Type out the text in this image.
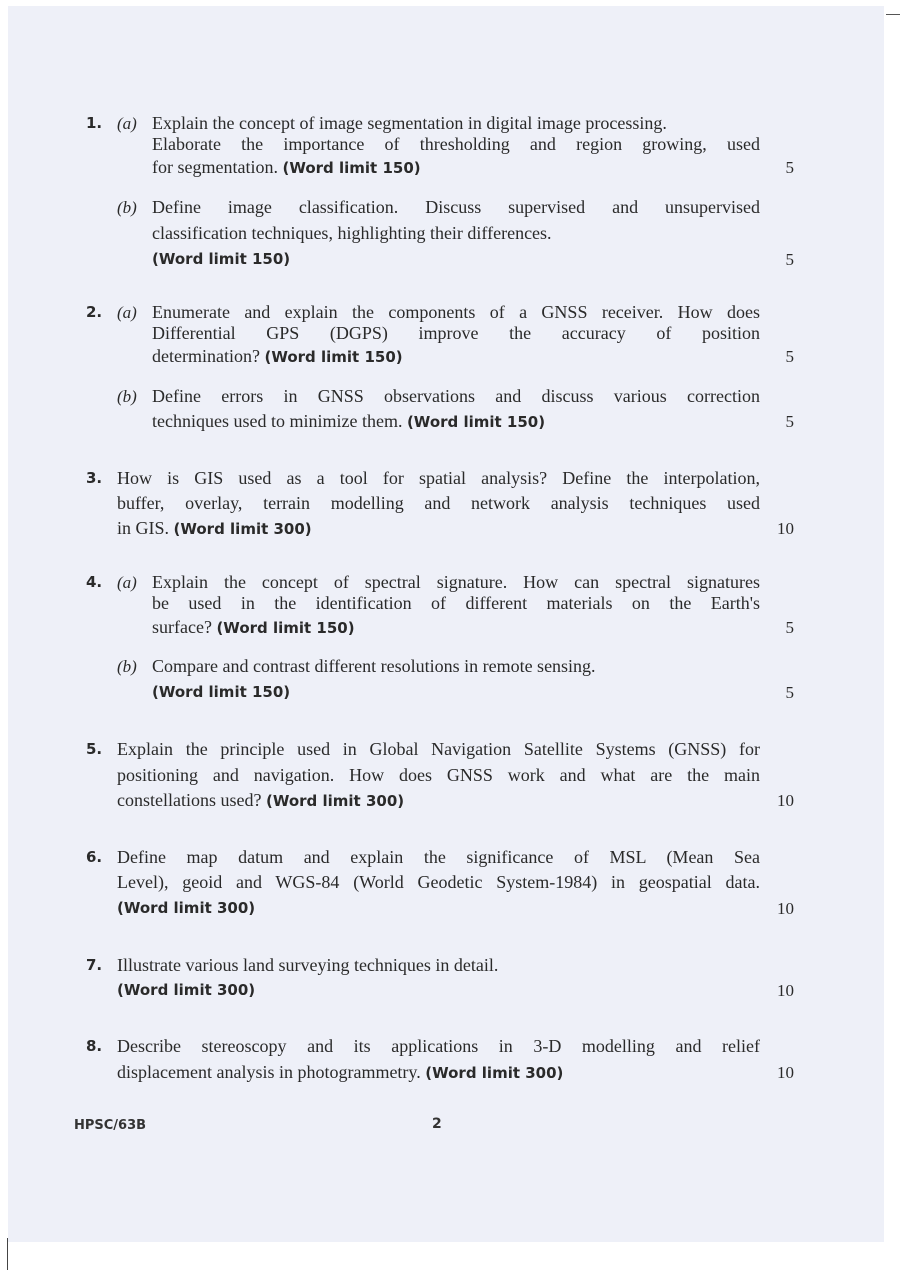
1. (a) Explain the concept of image segmentation in digital image processing.
Elaborate the importance of thresholding and region growing, used
for segmentation. (Word limit 150)	5
(b) Define image classification. Discuss supervised and unsupervised
classification techniques, highlighting their differences.
(Word limit 150)	5
2. (a) Enumerate and explain the components of a GNSS receiver. How does
Differential GPS (DGPS) improve the accuracy of position
determination? (Word limit 150)	5
(b) Define errors in GNSS observations and discuss various correction
techniques used to minimize them. (Word limit 150)	5
3. How is GIS used as a tool for spatial analysis? Define the interpolation,
buffer, overlay, terrain modelling and network analysis techniques used
in GIS. (Word limit 300)	10
4. (a) Explain the concept of spectral signature. How can spectral signatures
be used in the identification of different materials on the Earth's
surface? (Word limit 150)	5
(b) Compare and contrast different resolutions in remote sensing.
(Word limit 150)	5
5. Explain the principle used in Global Navigation Satellite Systems (GNSS) for
positioning and navigation. How does GNSS work and what are the main
constellations used? (Word limit 300)	10
6. Define map datum and explain the significance of MSL (Mean Sea
Level), geoid and WGS-84 (World Geodetic System-1984) in geospatial data.
(Word limit 300)	10
7. Illustrate various land surveying techniques in detail.
(Word limit 300)	10
8. Describe stereoscopy and its applications in 3-D modelling and relief
displacement analysis in photogrammetry. (Word limit 300)	10
HPSC/63B	2
